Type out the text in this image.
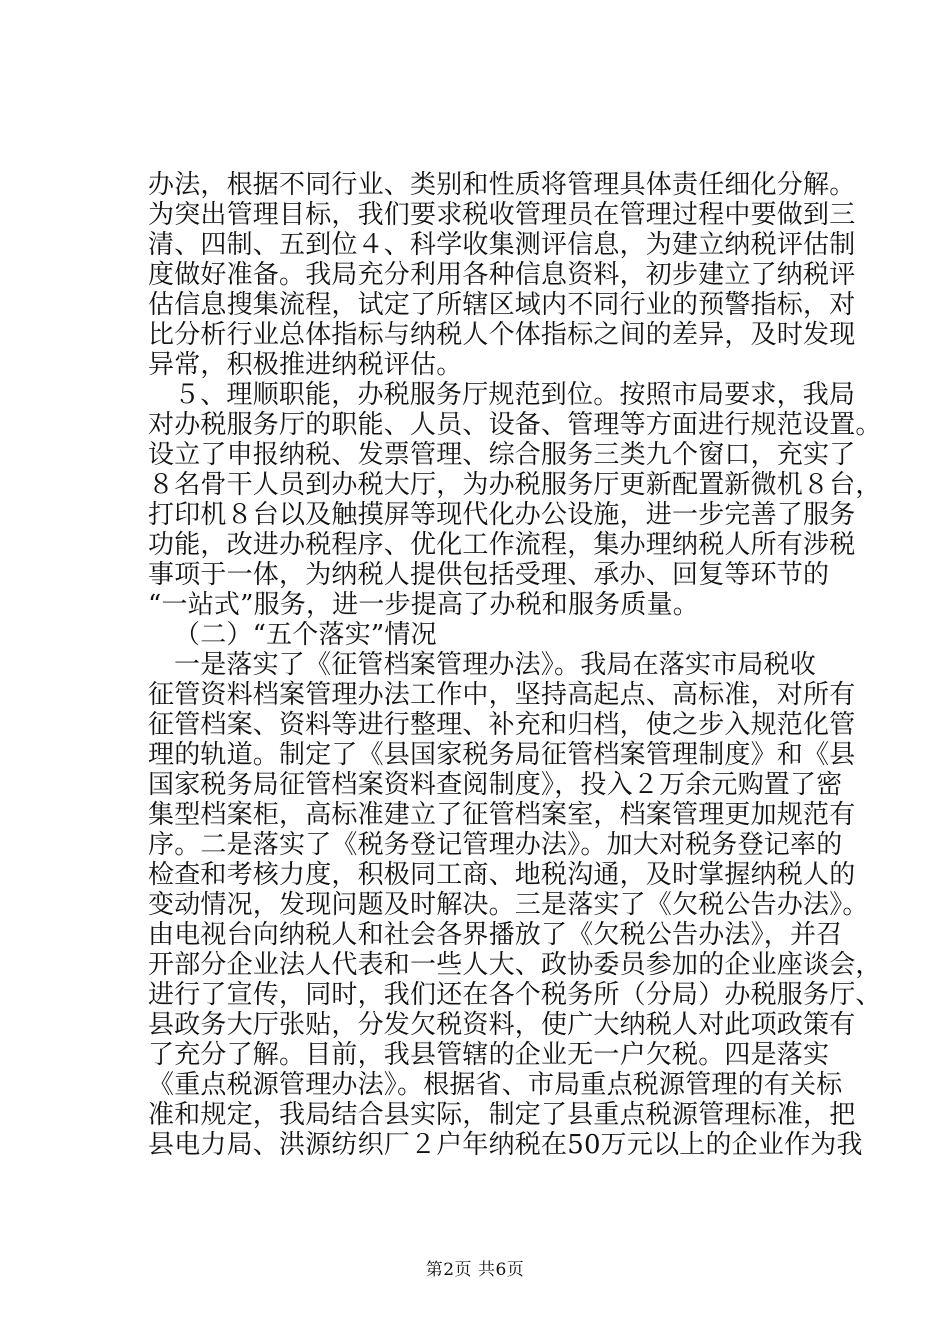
办法，根据不同行业、类别和性质将管理具体责任细化分解。
为突出管理目标，我们要求税收管理员在管理过程中要做到三
清、四制、五到位４、科学收集测评信息，为建立纳税评估制
度做好准备。我局充分利用各种信息资料，初步建立了纳税评
估信息搜集流程，试定了所辖区域内不同行业的预警指标，对
比分析行业总体指标与纳税人个体指标之间的差异，及时发现
异常，积极推进纳税评估。
５、理顺职能，办税服务厅规范到位。按照市局要求，我局
对办税服务厅的职能、人员、设备、管理等方面进行规范设置。
设立了申报纳税、发票管理、综合服务三类九个窗口，充实了
８名骨干人员到办税大厅，为办税服务厅更新配置新微机８台，
打印机８台以及触摸屏等现代化办公设施，进一步完善了服务
功能，改进办税程序、优化工作流程，集办理纳税人所有涉税
事项于一体，为纳税人提供包括受理、承办、回复等环节的
“一站式”服务，进一步提高了办税和服务质量。
（二）“五个落实”情况
一是落实了《征管档案管理办法》。我局在落实市局税收
征管资料档案管理办法工作中，坚持高起点、高标准，对所有
征管档案、资料等进行整理、补充和归档，使之步入规范化管
理的轨道。制定了《县国家税务局征管档案管理制度》和《县
国家税务局征管档案资料查阅制度》，投入２万余元购置了密
集型档案柜，高标准建立了征管档案室，档案管理更加规范有
序。二是落实了《税务登记管理办法》。加大对税务登记率的
检查和考核力度，积极同工商、地税沟通，及时掌握纳税人的
变动情况，发现问题及时解决。三是落实了《欠税公告办法》。
由电视台向纳税人和社会各界播放了《欠税公告办法》，并召
开部分企业法人代表和一些人大、政协委员参加的企业座谈会，
进行了宣传，同时，我们还在各个税务所（分局）办税服务厅、
县政务大厅张贴，分发欠税资料，使广大纳税人对此项政策有
了充分了解。目前，我县管辖的企业无一户欠税。四是落实
《重点税源管理办法》。根据省、市局重点税源管理的有关标
准和规定，我局结合县实际，制定了县重点税源管理标准，把
县电力局、洪源纺织厂２户年纳税在50万元以上的企业作为我
第2页 共6页
